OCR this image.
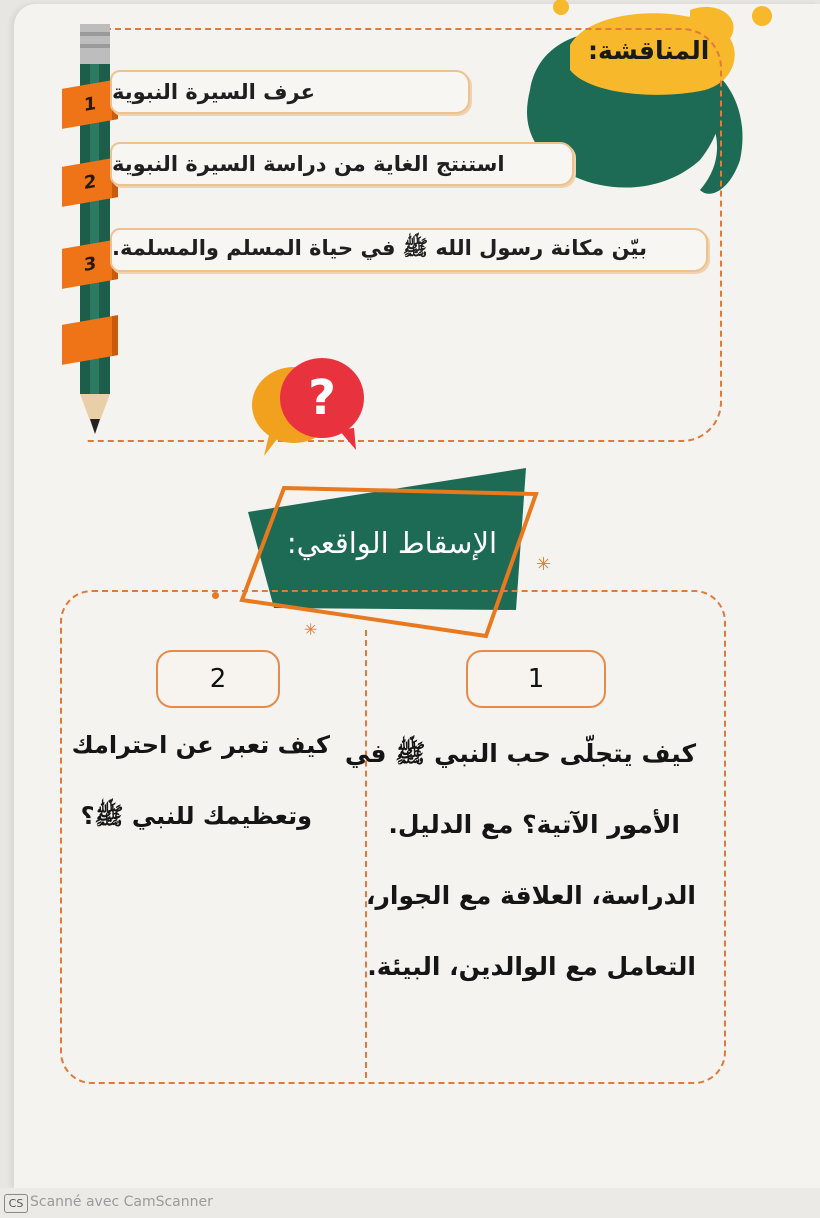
المناقشة:
1
2
3
عرف السيرة النبوية
استنتج الغاية من دراسة السيرة النبوية
بيّن مكانة رسول الله ﷺ في حياة المسلم والمسلمة.
?
الإسقاط الواقعي:
✳
✳
1
كيف يتجلّى حب النبي ﷺ في
الأمور الآتية؟ مع الدليل.
الدراسة، العلاقة مع الجوار،
التعامل مع الوالدين، البيئة.
2
كيف تعبر عن احترامك
وتعظيمك للنبي ﷺ؟
CS Scanné avec CamScanner
